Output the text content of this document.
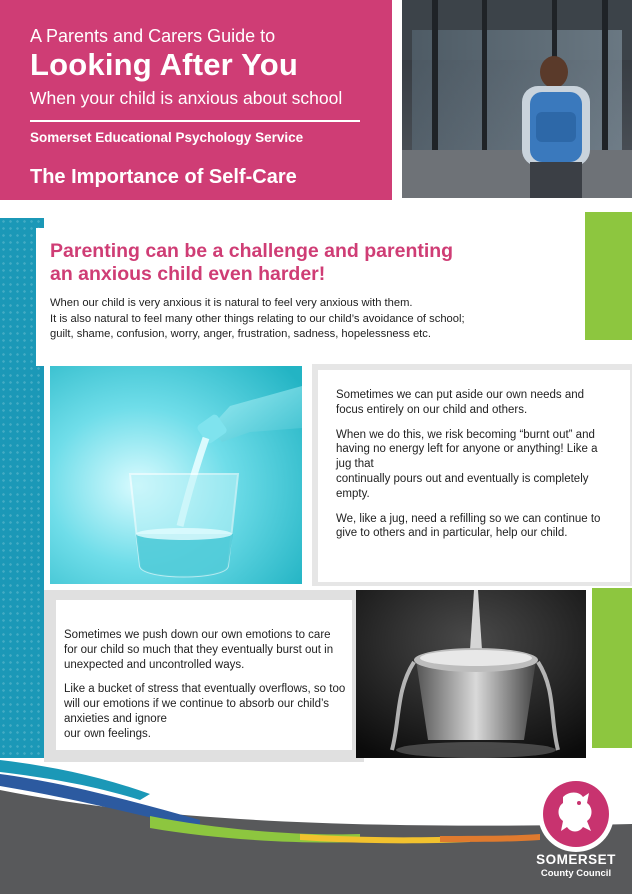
A Parents and Carers Guide to
Looking After You
When your child is anxious about school
Somerset Educational Psychology Service
The Importance of Self-Care
Parenting can be a challenge and parenting
an anxious child even harder!
When our child is very anxious it is natural to feel very anxious with them.
It is also natural to feel many other things relating to our child’s avoidance of school;
guilt, shame, confusion, worry, anger, frustration, sadness, hopelessness etc.

Sometimes we can put aside our own needs and focus entirely on our child and others.

When we do this, we risk becoming “burnt out” and having no energy left for anyone or anything! Like a jug that

continually pours out and eventually is completely empty.

We, like a jug, need a refilling so we can continue to give to others and in particular, help our child.

Sometimes we push down our own emotions to care for our child so much that they eventually burst out in unexpected and uncontrolled ways.

Like a bucket of stress that eventually overflows, so too will our emotions if we continue to absorb our child’s anxieties and ignore

our own feelings.

SOMERSET
County Council
